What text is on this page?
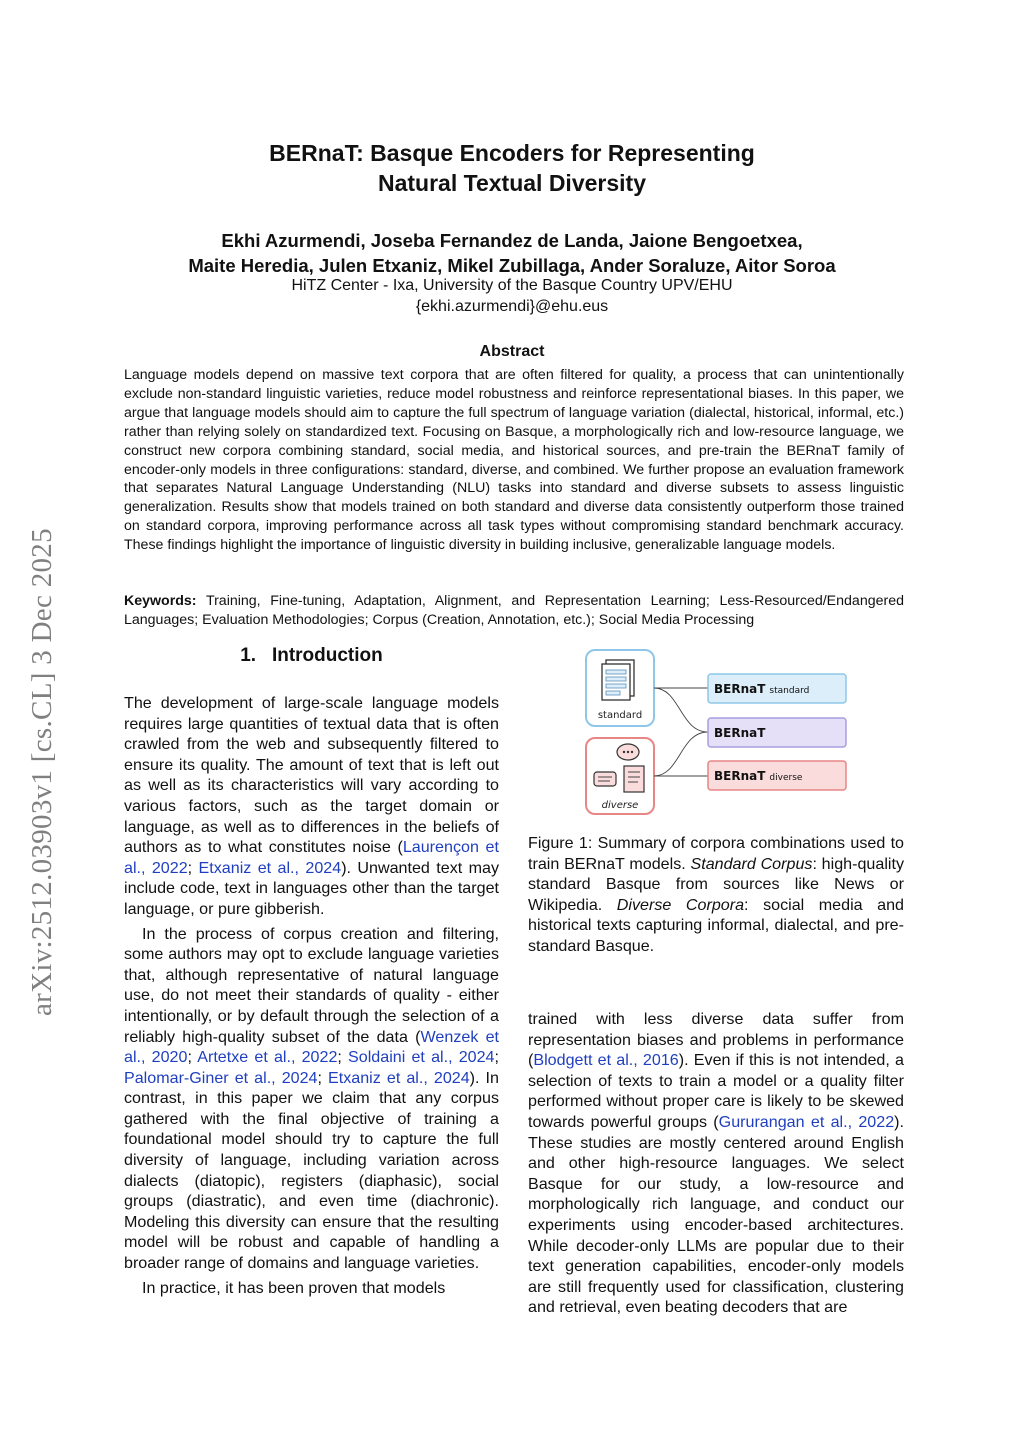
arXiv:2512.03903v1 [cs.CL] 3 Dec 2025
BERnaT: Basque Encoders for Representing
Natural Textual Diversity
Ekhi Azurmendi, Joseba Fernandez de Landa, Jaione Bengoetxea,
Maite Heredia, Julen Etxaniz, Mikel Zubillaga, Ander Soraluze, Aitor Soroa
HiTZ Center - Ixa, University of the Basque Country UPV/EHU
{ekhi.azurmendi}@ehu.eus
Abstract
Language models depend on massive text corpora that are often filtered for quality, a process that can unintentionally exclude non-standard linguistic varieties, reduce model robustness and reinforce representational biases. In this paper, we argue that language models should aim to capture the full spectrum of language variation (dialectal, historical, informal, etc.) rather than relying solely on standardized text. Focusing on Basque, a morphologically rich and low-resource language, we construct new corpora combining standard, social media, and historical sources, and pre-train the BERnaT family of encoder-only models in three configurations: standard, diverse, and combined. We further propose an evaluation framework that separates Natural Language Understanding (NLU) tasks into standard and diverse subsets to assess linguistic generalization. Results show that models trained on both standard and diverse data consistently outperform those trained on standard corpora, improving performance across all task types without compromising standard benchmark accuracy. These findings highlight the importance of linguistic diversity in building inclusive, generalizable language models.
Keywords: Training, Fine-tuning, Adaptation, Alignment, and Representation Learning; Less-Resourced/Endangered Languages; Evaluation Methodologies; Corpus (Creation, Annotation, etc.); Social Media Processing
1. Introduction

The development of large-scale language models requires large quantities of textual data that is often crawled from the web and subsequently filtered to ensure its quality. The amount of text that is left out as well as its characteristics will vary according to various factors, such as the target domain or language, as well as to differences in the beliefs of authors as to what constitutes noise (Laurençon et al., 2022; Etxaniz et al., 2024). Unwanted text may include code, text in languages other than the target language, or pure gibberish.

In the process of corpus creation and filtering, some authors may opt to exclude language varieties that, although representative of natural language use, do not meet their standards of quality - either intentionally, or by default through the selection of a reliably high-quality subset of the data (Wenzek et al., 2020; Artetxe et al., 2022; Soldaini et al., 2024; Palomar-Giner et al., 2024; Etxaniz et al., 2024). In contrast, in this paper we claim that any corpus gathered with the final objective of training a foundational model should try to capture the full diversity of language, including variation across dialects (diatopic), registers (diaphasic), social groups (diastratic), and even time (diachronic). Modeling this diversity can ensure that the resulting model will be robust and capable of handling a broader range of domains and language varieties.

In practice, it has been proven that models

standard
diverse
BERnaT standard
BERnaT
BERnaT diverse
Figure 1: Summary of corpora combinations used to train BERnaT models. Standard Corpus: high-quality standard Basque from sources like News or Wikipedia. Diverse Corpora: social media and historical texts capturing informal, dialectal, and pre-standard Basque.

trained with less diverse data suffer from representation biases and problems in performance (Blodgett et al., 2016). Even if this is not intended, a selection of texts to train a model or a quality filter performed without proper care is likely to be skewed towards powerful groups (Gururangan et al., 2022). These studies are mostly centered around English and other high-resource languages. We select Basque for our study, a low-resource and morphologically rich language, and conduct our experiments using encoder-based architectures. While decoder-only LLMs are popular due to their text generation capabilities, encoder-only models are still frequently used for classification, clustering and retrieval, even beating decoders that are
